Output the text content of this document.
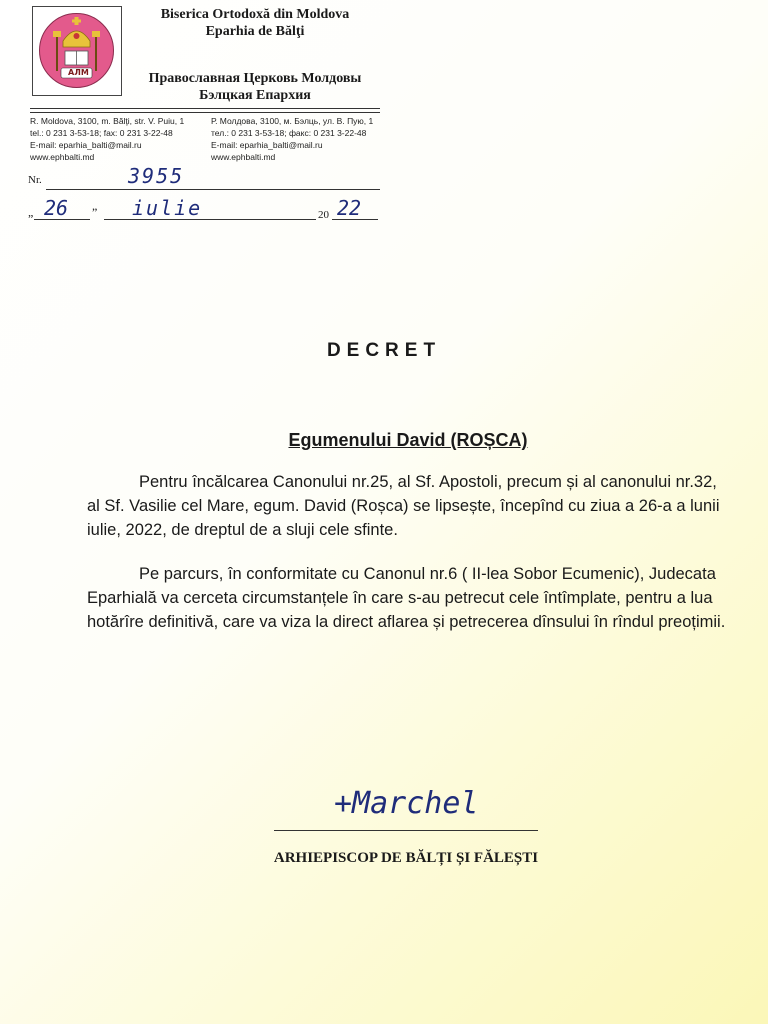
АЛМ
Biserica Ortodoxă din Moldova
Eparhia de Bălţi
Православная Церковь Молдовы
Бэлцкая Епархия
R. Moldova, 3100, m. Bălţi, str. V. Puiu, 1
tel.: 0 231 3-53-18; fax: 0 231 3-22-48
E-mail: eparhia_balti@mail.ru
www.ephbalti.md
Р. Молдова, 3100, м. Бэлць, ул. В. Пую, 1
тел.: 0 231 3-53-18; факс: 0 231 3-22-48
E-mail: eparhia_balti@mail.ru
www.ephbalti.md
Nr.	3955
„ 26 ” iulie	20 22
DECRET
Egumenului David (ROȘCA)
Pentru încălcarea Canonului nr.25, al Sf. Apostoli, precum și al canonului nr.32, al Sf. Vasilie cel Mare, egum. David (Roșca) se lipsește, începînd cu ziua a 26-a a lunii iulie, 2022, de dreptul de a sluji cele sfinte.
Pe parcurs, în conformitate cu Canonul nr.6 ( II-lea Sobor Ecumenic), Judecata Eparhială va cerceta circumstanțele în care s-au petrecut cele întîmplate, pentru a lua hotărîre definitivă, care va viza la direct aflarea și petrecerea dînsului în rîndul preoțimii.
+Marchel
ARHIEPISCOP DE BĂLȚI ȘI FĂLEȘTI
